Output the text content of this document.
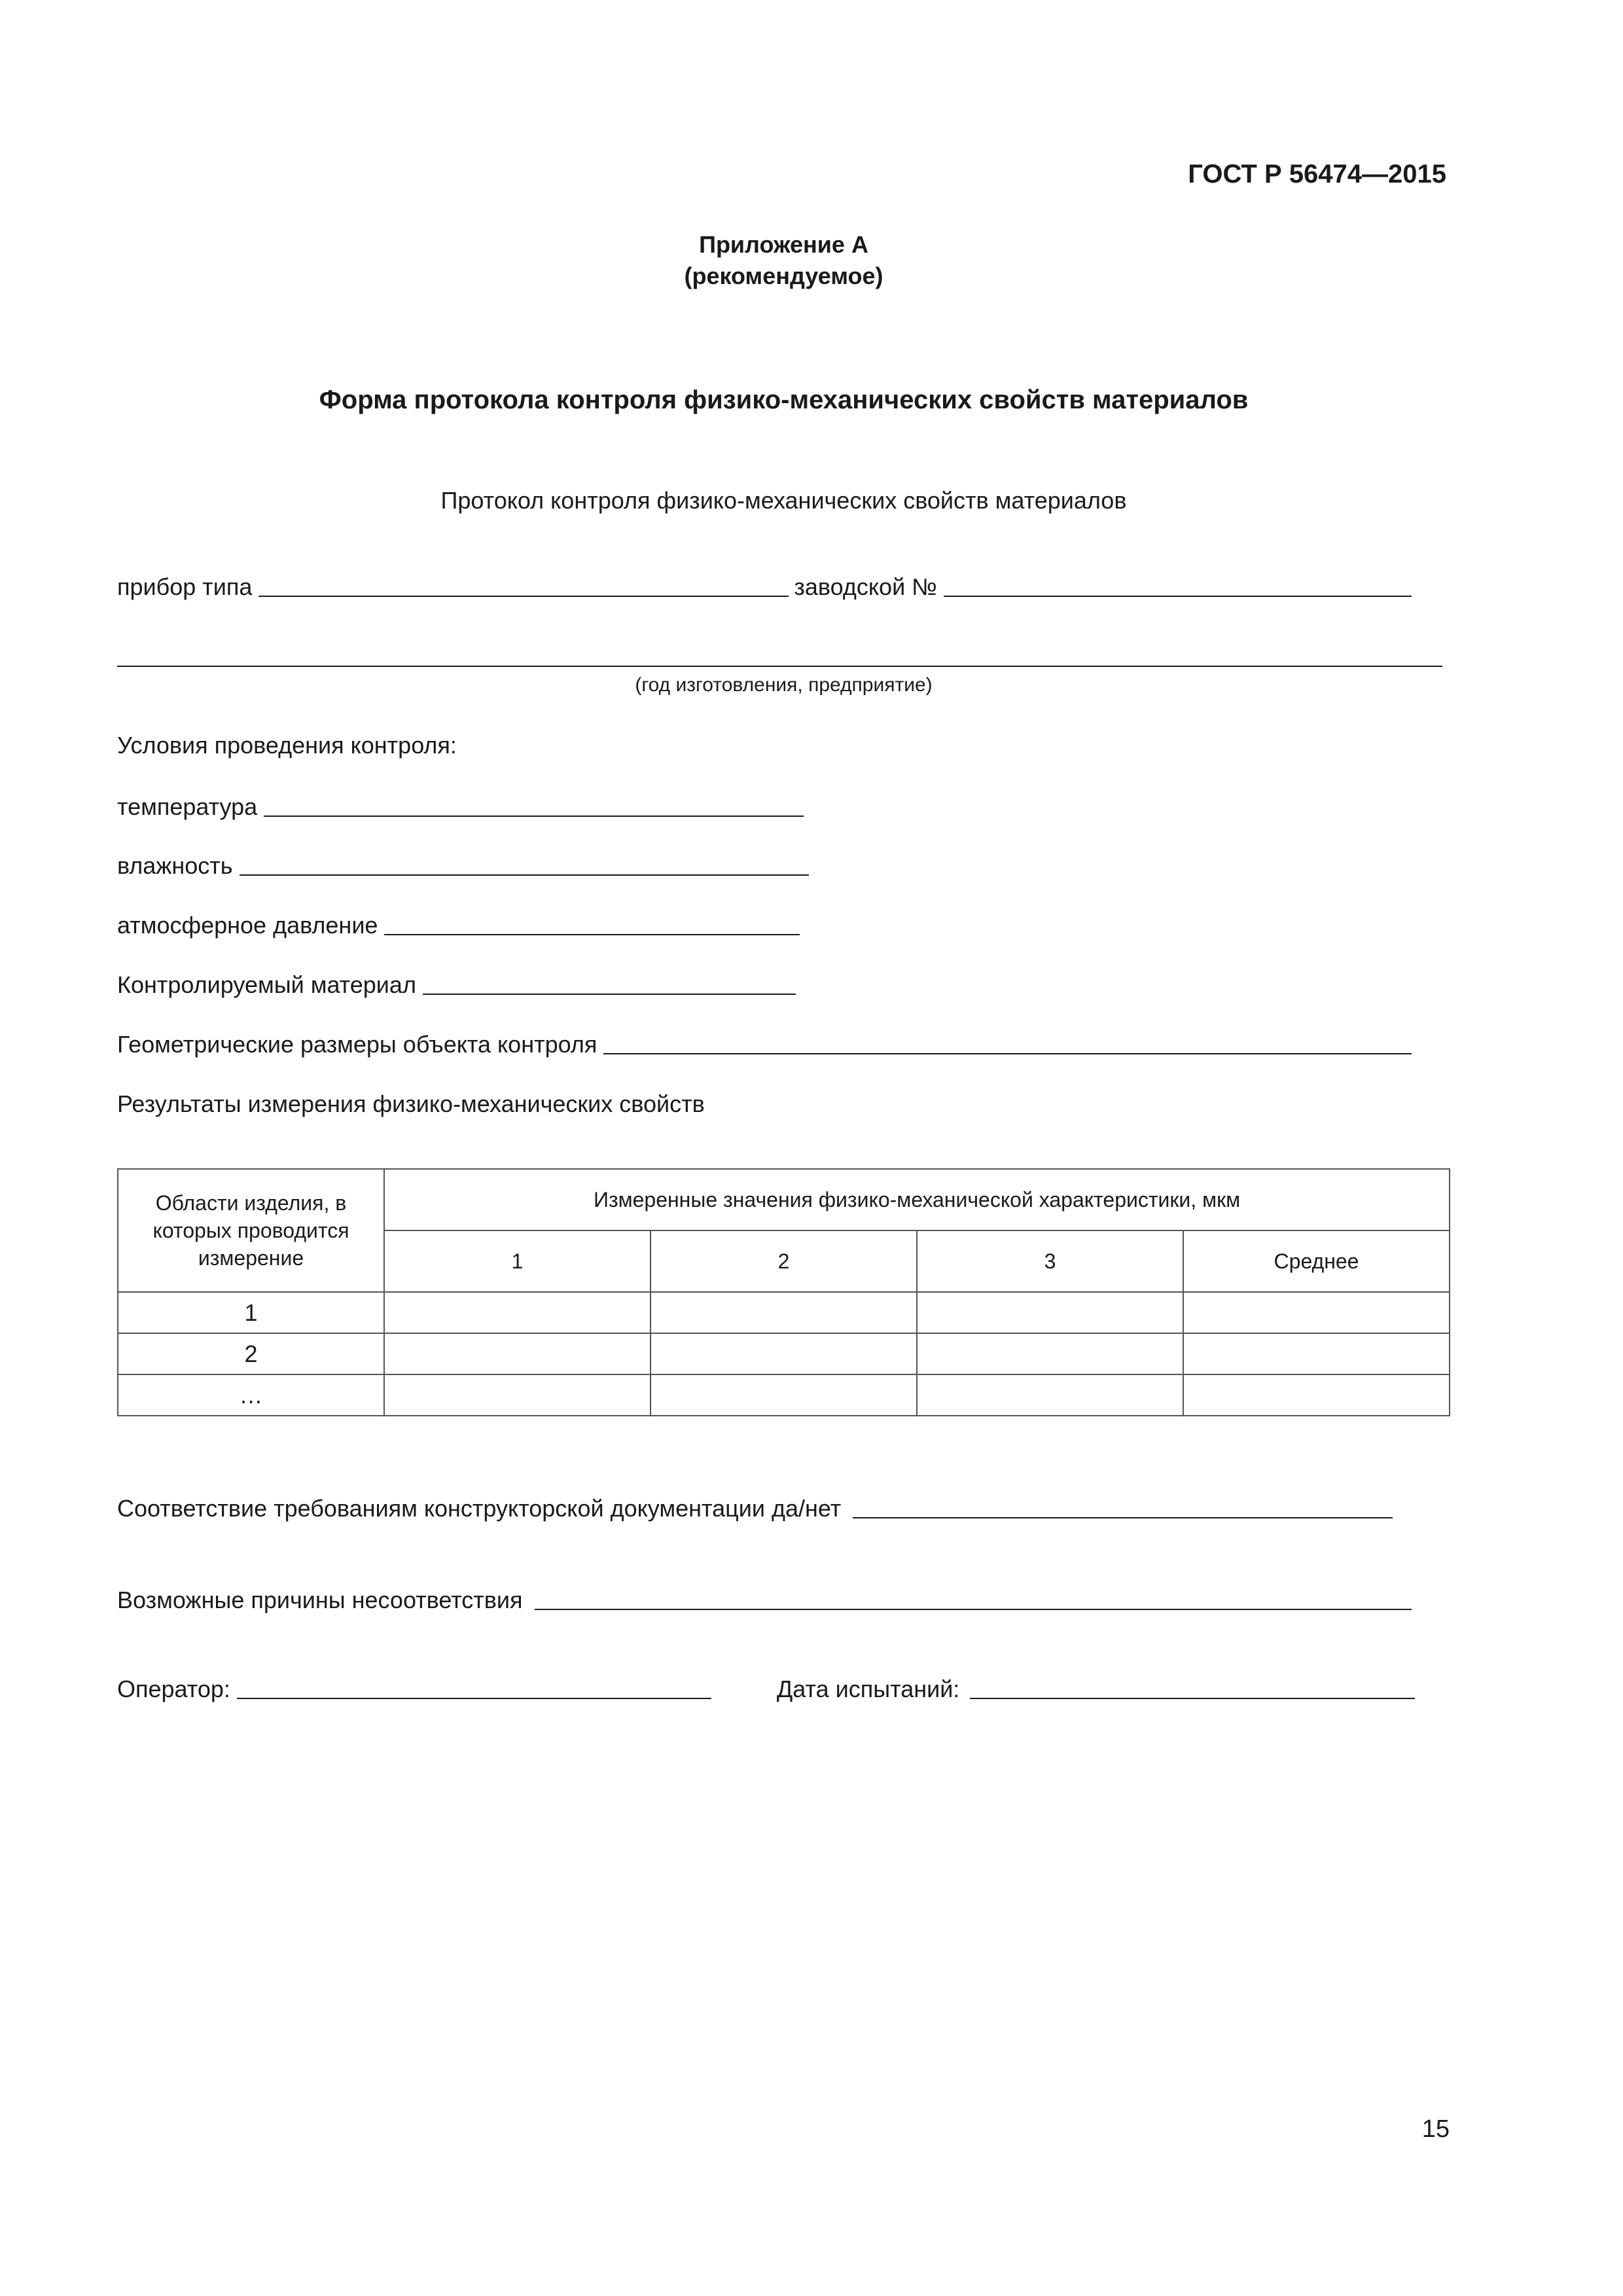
ГОСТ Р 56474—2015
Приложение А
(рекомендуемое)
Форма протокола контроля физико-механических свойств материалов
Протокол контроля физико-механических свойств материалов
прибор типа	заводской №
(год изготовления, предприятие)
Условия проведения контроля:
температура
влажность
атмосферное давление
Контролируемый материал
Геометрические размеры объекта контроля
Результаты измерения физико-механических свойств
Области изделия, в которых проводится измерение	Измеренные значения физико-механической характеристики, мкм			
	1	2	3	Среднее
1				
2				
…				
Соответствие требованиям конструкторской документации да/нет
Возможные причины несоответствия
Оператор:	Дата испытаний:
15
